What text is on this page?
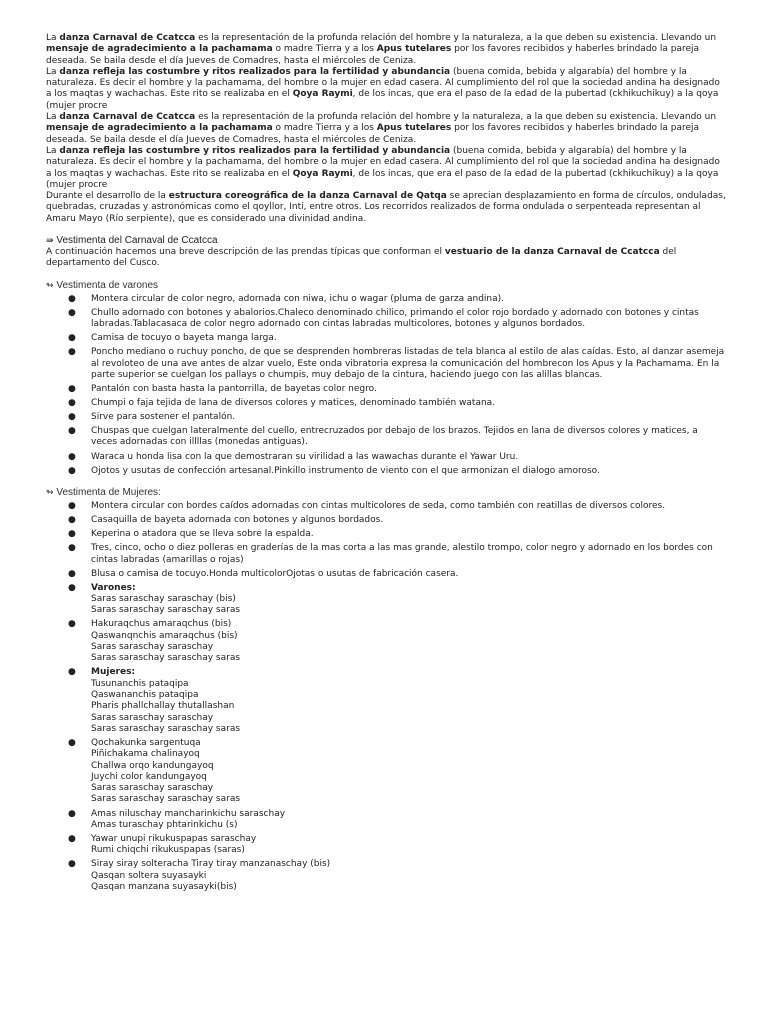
La danza Carnaval de Ccatcca es la representación de la profunda relación del hombre y la naturaleza, a la que deben su existencia. Llevando un mensaje de agradecimiento a la pachamama o madre Tierra y a los Apus tutelares por los favores recibidos y haberles brindado la pareja deseada. Se baila desde el día Jueves de Comadres, hasta el miércoles de Ceniza.

La danza refleja las costumbre y ritos realizados para la fertilidad y abundancia (buena comida, bebida y algarabía) del hombre y la naturaleza. Es decir el hombre y la pachamama, del hombre o la mujer en edad casera. Al cumplimiento del rol que la sociedad andina ha designado a los maqtas y wachachas. Este rito se realizaba en el Qoya Raymi, de los incas, que era el paso de la edad de la pubertad (ckhikuchikuy) a la qoya (mujer procre

La danza Carnaval de Ccatcca es la representación de la profunda relación del hombre y la naturaleza, a la que deben su existencia. Llevando un mensaje de agradecimiento a la pachamama o madre Tierra y a los Apus tutelares por los favores recibidos y haberles brindado la pareja deseada. Se baila desde el día Jueves de Comadres, hasta el miércoles de Ceniza.

La danza refleja las costumbre y ritos realizados para la fertilidad y abundancia (buena comida, bebida y algarabía) del hombre y la naturaleza. Es decir el hombre y la pachamama, del hombre o la mujer en edad casera. Al cumplimiento del rol que la sociedad andina ha designado a los maqtas y wachachas. Este rito se realizaba en el Qoya Raymi, de los incas, que era el paso de la edad de la pubertad (ckhikuchikuy) a la qoya (mujer procre

Durante el desarrollo de la estructura coreográfica de la danza Carnaval de Qatqa se aprecian desplazamiento en forma de círculos, onduladas, quebradas, cruzadas y astronómicas como el qoyllor, Inti, entre otros. Los recorridos realizados de forma ondulada o serpenteada representan al Amaru Mayo (Río serpiente), que es considerado una divinidad andina.

⇛ Vestimenta del Carnaval de Ccatcca

A continuación hacemos una breve descripción de las prendas típicas que conforman el vestuario de la danza Carnaval de Ccatcca del departamento del Cusco.

↬ Vestimenta de varones
● Montera circular de color negro, adornada con niwa, ichu o wagar (pluma de garza andina).
● Chullo adornado con botones y abalorios.Chaleco denominado chilico, primando el color rojo bordado y adornado con botones y cintas labradas.Tablacasaca de color negro adornado con cintas labradas multicolores, botones y algunos bordados.
● Camisa de tocuyo o bayeta manga larga.
● Poncho mediano o ruchuy poncho, de que se desprenden hombreras listadas de tela blanca al estilo de alas caídas. Esto, al danzar asemeja al revoloteo de una ave antes de alzar vuelo, Este onda vibratoria expresa la comunicación del hombrecon los Apus y la Pachamama. En la parte superior se cuelgan los pallays o chumpis, muy debajo de la cintura, haciendo juego con las alillas blancas.
● Pantalón con basta hasta la pantorrilla, de bayetas color negro.
● Chumpi o faja tejida de lana de diversos colores y matices, denominado también watana.
● Sirve para sostener el pantalón.
● Chuspas que cuelgan lateralmente del cuello, entrecruzados por debajo de los brazos. Tejidos en lana de diversos colores y matices, a veces adornadas con illllas (monedas antiguas).
● Waraca u honda lisa con la que demostraran su virilidad a las wawachas durante el Yawar Uru.
● Ojotos y usutas de confección artesanal.Pinkillo instrumento de viento con el que armonizan el dialogo amoroso.
↬ Vestimenta de Mujeres:
● Montera circular con bordes caídos adornadas con cintas multicolores de seda, como también con reatillas de diversos colores.
● Casaquilla de bayeta adornada con botones y algunos bordados.
● Keperina o atadora que se lleva sobre la espalda.
● Tres, cinco, ocho o diez polleras en graderías de la mas corta a las mas grande, alestilo trompo, color negro y adornado en los bordes con cintas labradas (amarillas o rojas)
● Blusa o camisa de tocuyo.Honda multicolorOjotas o usutas de fabricación casera.
● Varones:
Saras saraschay saraschay (bis)
Saras saraschay saraschay saras
● Hakuraqchus amaraqchus (bis)
Qaswanqnchis amaraqchus (bis)
Saras saraschay saraschay
Saras saraschay saraschay saras
● Mujeres:
Tusunanchis pataqipa
Qaswananchis pataqipa
Pharis phallchallay thutallashan
Saras saraschay saraschay
Saras saraschay saraschay saras
● Qochakunka sargentuqa
Piñichakama chalinayoq
Challwa orqo kandungayoq
Juychi color kandungayoq
Saras saraschay saraschay
Saras saraschay saraschay saras
● Amas niluschay mancharinkichu saraschay
Amas turaschay phtarinkichu (s)
● Yawar unupi rikukuspapas saraschay
Rumi chiqchi rikukuspapas (saras)
● Siray siray solteracha Tiray tiray manzanaschay (bis)
Qasqan soltera suyasayki
Qasqan manzana suyasayki(bis)
